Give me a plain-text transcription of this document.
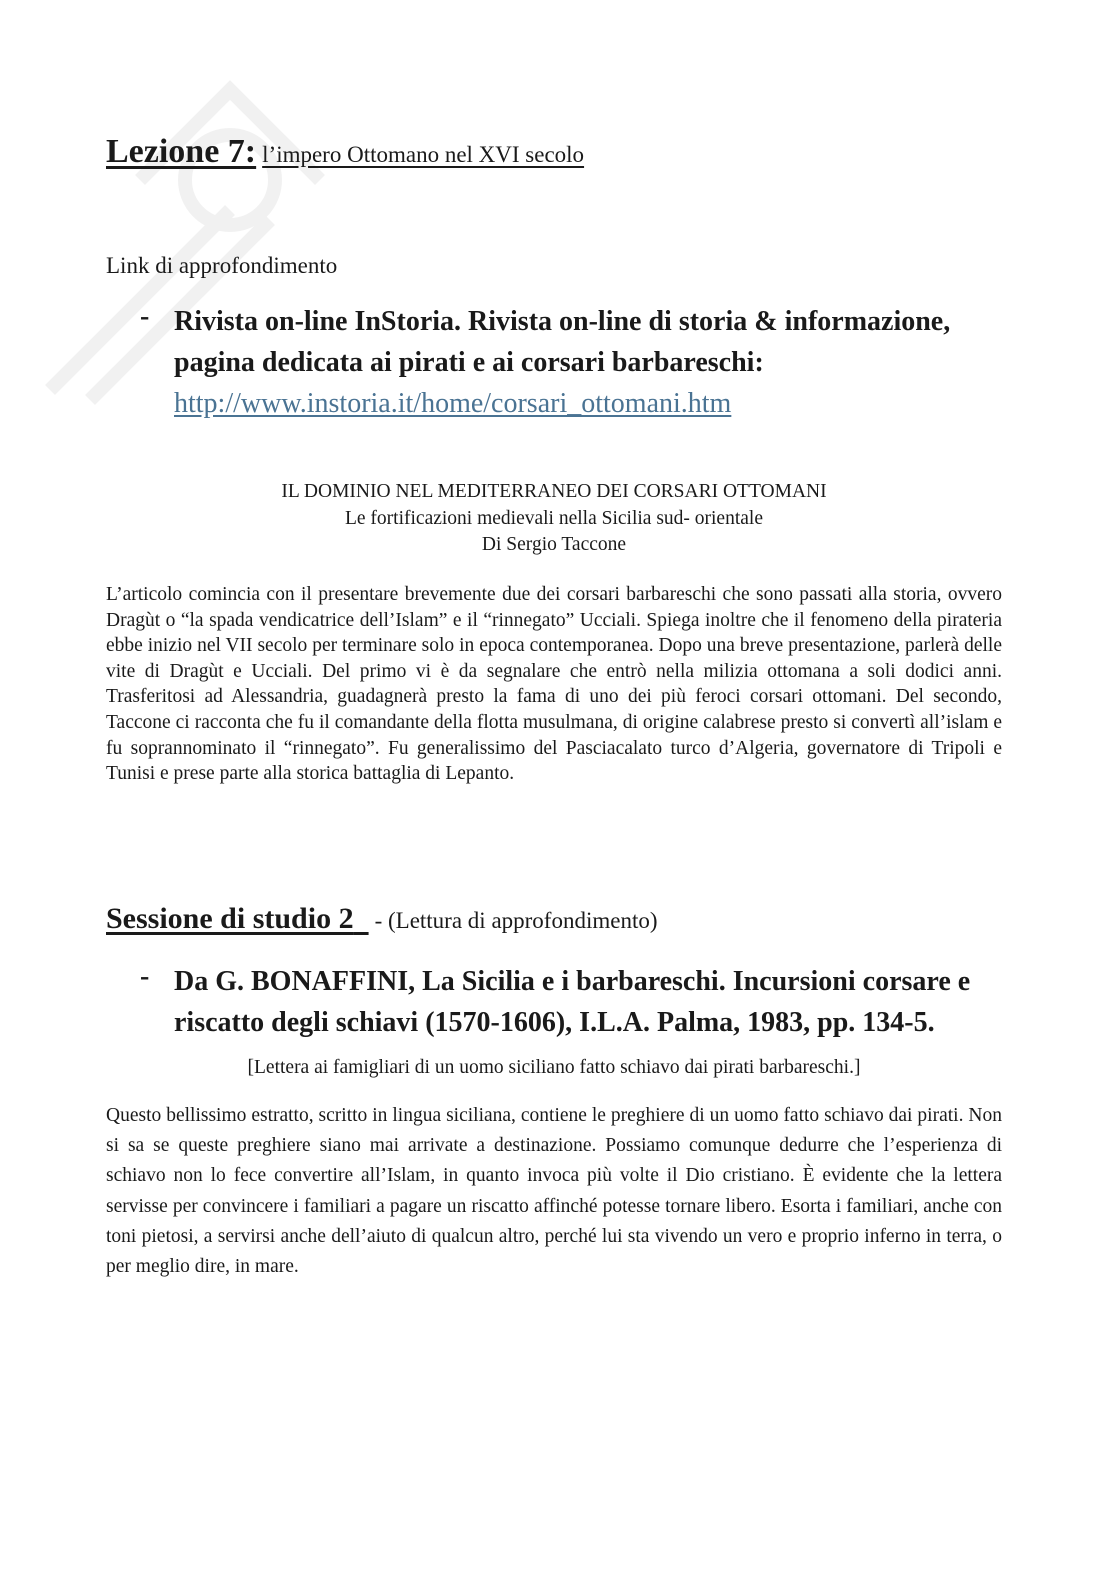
Lezione 7: l’impero Ottomano nel XVI secolo
Link di approfondimento
- Rivista on-line InStoria. Rivista on-line di storia & informazione, pagina dedicata ai pirati e ai corsari barbareschi:
http://www.instoria.it/home/corsari_ottomani.htm
IL DOMINIO NEL MEDITERRANEO DEI CORSARI OTTOMANI
Le fortificazioni medievali nella Sicilia sud- orientale
Di Sergio Taccone
L’articolo comincia con il presentare brevemente due dei corsari barbareschi che sono passati alla storia, ovvero Dragùt o “la spada vendicatrice dell’Islam” e il “rinnegato” Ucciali. Spiega inoltre che il fenomeno della pirateria ebbe inizio nel VII secolo per terminare solo in epoca contemporanea. Dopo una breve presentazione, parlerà delle vite di Dragùt e Ucciali. Del primo vi è da segnalare che entrò nella milizia ottomana a soli dodici anni. Trasferitosi ad Alessandria, guadagnerà presto la fama di uno dei più feroci corsari ottomani. Del secondo, Taccone ci racconta che fu il comandante della flotta musulmana, di origine calabrese presto si convertì all’islam e fu soprannominato il “rinnegato”. Fu generalissimo del Pasciacalato turco d’Algeria, governatore di Tripoli e Tunisi e prese parte alla storica battaglia di Lepanto.
Sessione di studio 2 - (Lettura di approfondimento)
- Da G. BONAFFINI, La Sicilia e i barbareschi. Incursioni corsare e riscatto degli schiavi (1570-1606), I.L.A. Palma, 1983, pp. 134-5.
[Lettera ai famigliari di un uomo siciliano fatto schiavo dai pirati barbareschi.]
Questo bellissimo estratto, scritto in lingua siciliana, contiene le preghiere di un uomo fatto schiavo dai pirati. Non si sa se queste preghiere siano mai arrivate a destinazione. Possiamo comunque dedurre che l’esperienza di schiavo non lo fece convertire all’Islam, in quanto invoca più volte il Dio cristiano. È evidente che la lettera servisse per convincere i familiari a pagare un riscatto affinché potesse tornare libero. Esorta i familiari, anche con toni pietosi, a servirsi anche dell’aiuto di qualcun altro, perché lui sta vivendo un vero e proprio inferno in terra, o per meglio dire, in mare.
